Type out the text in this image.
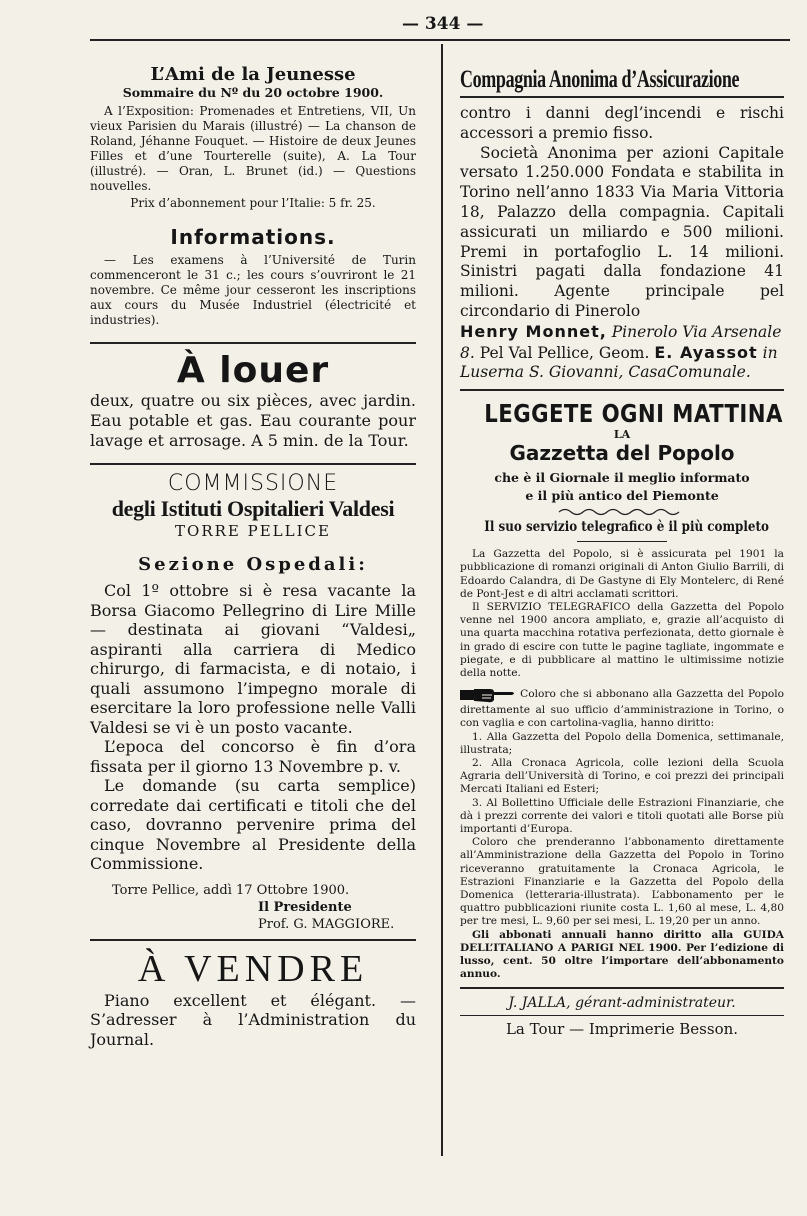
— 344 —
L’Ami de la Jeunesse
Sommaire du Nº du 20 octobre 1900.
A l’Exposition: Promenades et Entretiens, VII, Un vieux Parisien du Marais (illustré) — La chanson de Roland, Jéhanne Fouquet. — Histoire de deux Jeunes Filles et d’une Tourterelle (suite), A. La Tour (illustré). — Oran, L. Brunet (id.) — Questions nouvelles.
Prix d’abonnement pour l’Italie: 5 fr. 25.
Informations.
— Les examens à l’Université de Turin commenceront le 31 c.; les cours s’ouvriront le 21 novembre. Ce même jour cesseront les inscriptions aux cours du Musée Industriel (électricité et industries).
À louer
deux, quatre ou six pièces, avec jardin. Eau potable et gas. Eau courante pour lavage et arrosage. A 5 min. de la Tour.
COMMISSIONE
degli Istituti Ospitalieri Valdesi
TORRE PELLICE
Sezione Ospedali:
Col 1º ottobre si è resa vacante la Borsa Giacomo Pellegrino di Lire Mille — destinata ai giovani “Valdesi„ aspiranti alla carriera di Medico chirurgo, di farmacista, e di notaio, i quali assumono l’impegno morale di esercitare la loro professione nelle Valli Valdesi se vi è un posto vacante.
L’epoca del concorso è fin d’ora fissata per il giorno 13 Novembre p. v.
Le domande (su carta semplice) corredate dai certificati e titoli che del caso, dovranno pervenire prima del cinque Novembre al Presidente della Commissione.
Torre Pellice, addì 17 Ottobre 1900.
Il Presidente
Prof. G. MAGGIORE.
À VENDRE
Piano excellent et élégant. — S’adresser à l’Administration du Journal.
Compagnia Anonima d’Assicurazione
contro i danni degl’incendi e rischi accessori a premio fisso.
Società Anonima per azioni Capitale versato 1.250.000 Fondata e stabilita in Torino nell’anno 1833 Via Maria Vittoria 18, Palazzo della compagnia. Capitali assicurati un miliardo e 500 milioni. Premi in portafoglio L. 14 milioni. Sinistri pagati dalla fondazione 41 milioni. Agente principale pel circondario di Pinerolo
Henry Monnet, Pinerolo Via Arsenale 8. Pel Val Pellice, Geom. E. Ayassot in Luserna S. Giovanni, CasaComunale.
LEGGETE OGNI MATTINA
LA
Gazzetta del Popolo
che è il Giornale il meglio informato
e il più antico del Piemonte
Il suo servizio telegrafico è il più completo
La Gazzetta del Popolo, si è assicurata pel 1901 la pubblicazione di romanzi originali di Anton Giulio Barrili, di Edoardo Calandra, di De Gastyne di Ely Montelerc, di René de Pont-Jest e di altri acclamati scrittori.
Il SERVIZIO TELEGRAFICO della Gazzetta del Popolo venne nel 1900 ancora ampliato, e, grazie all’acquisto di una quarta macchina rotativa perfezionata, detto giornale è in grado di escire con tutte le pagine tagliate, ingommate e piegate, e di pubblicare al mattino le ultimissime notizie della notte.
Coloro che si abbonano alla Gazzetta del Popolo direttamente al suo ufficio d’amministrazione in Torino, o con vaglia e con cartolina-vaglia, hanno diritto:
1. Alla Gazzetta del Popolo della Domenica, settimanale, illustrata;
2. Alla Cronaca Agricola, colle lezioni della Scuola Agraria dell’Università di Torino, e coi prezzi dei principali Mercati Italiani ed Esteri;
3. Al Bollettino Ufficiale delle Estrazioni Finanziarie, che dà i prezzi corrente dei valori e titoli quotati alle Borse più importanti d’Europa.
Coloro che prenderanno l’abbonamento direttamente all’Amministrazione della Gazzetta del Popolo in Torino riceveranno gratuitamente la Cronaca Agricola, le Estrazioni Finanziarie e la Gazzetta del Popolo della Domenica (letteraria-illustrata). L’abbonamento per le quattro pubblicazioni riunite costa L. 1,60 al mese, L. 4,80 per tre mesi, L. 9,60 per sei mesi, L. 19,20 per un anno.
Gli abbonati annuali hanno diritto alla GUIDA DELL’ITALIANO A PARIGI NEL 1900. Per l’edizione di lusso, cent. 50 oltre l’importare dell’abbonamento annuo.
J. JALLA, gérant-administrateur.
La Tour — Imprimerie Besson.
